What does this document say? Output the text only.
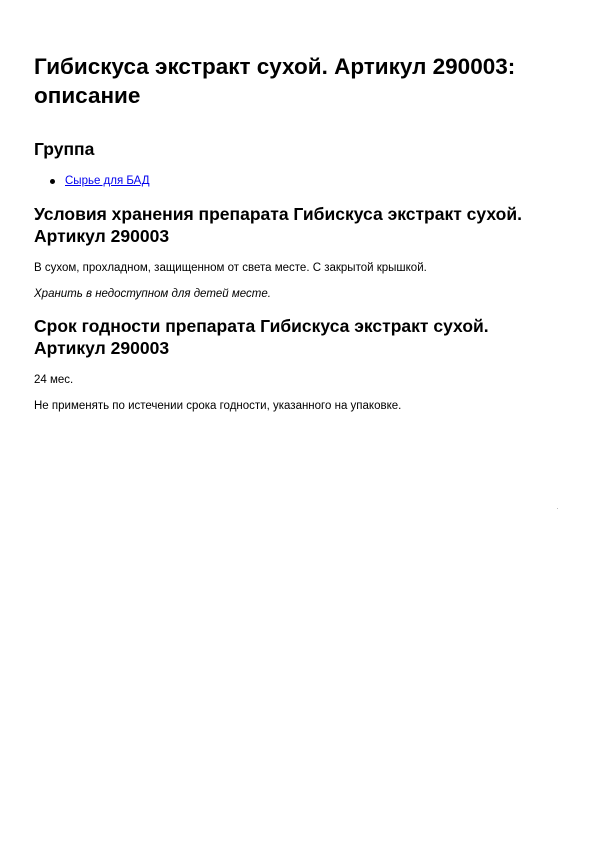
Гибискуса экстракт сухой. Артикул 290003: описание
Группа
Сырье для БАД
Условия хранения препарата Гибискуса экстракт сухой. Артикул 290003

В сухом, прохладном, защищенном от света месте. С закрытой крышкой.

Хранить в недоступном для детей месте.

Срок годности препарата Гибискуса экстракт сухой. Артикул 290003

24 мес.

Не применять по истечении срока годности, указанного на упаковке.
